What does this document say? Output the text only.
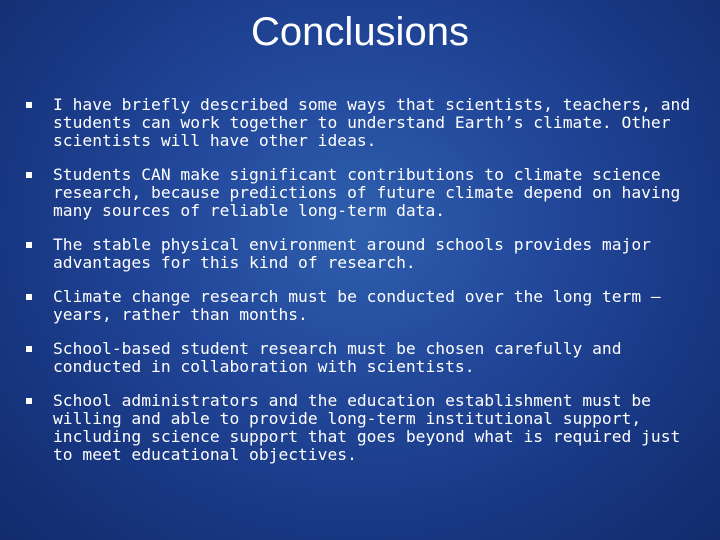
Conclusions
I have briefly described some ways that scientists, teachers, and students can work together to understand Earth’s climate. Other scientists will have other ideas.
Students CAN make significant contributions to climate science research, because predictions of future climate depend on having many sources of reliable long-term data.
The stable physical environment around schools provides major advantages for this kind of research.
Climate change research must be conducted over the long term – years, rather than months.
School-based student research must be chosen carefully and conducted in collaboration with scientists.
School administrators and the education establishment must be willing and able to provide long-term institutional support, including science support that goes beyond what is required just to meet educational objectives.
